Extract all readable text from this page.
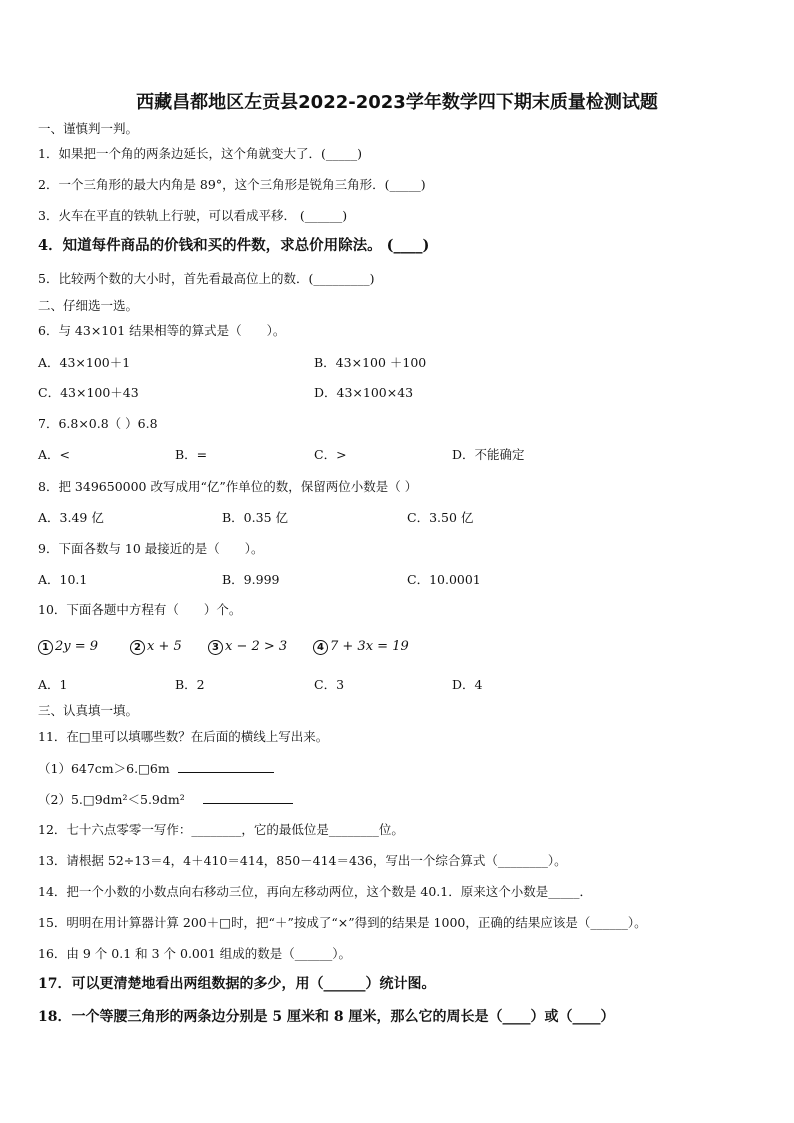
西藏昌都地区左贡县2022-2023学年数学四下期末质量检测试题
一、谨慎判一判。
1．如果把一个角的两条边延长，这个角就变大了．(_____)
2．一个三角形的最大内角是 89°，这个三角形是锐角三角形．(_____)
3．火车在平直的铁轨上行驶，可以看成平移． (______)
4．知道每件商品的价钱和买的件数，求总价用除法。 (____)
5．比较两个数的大小时，首先看最高位上的数．(_________)
二、仔细选一选。
6．与 43×101 结果相等的算式是（　　）。
A．43×100＋1	B．43×100 ＋100
C．43×100＋43	D．43×100×43
7．6.8×0.8（ ）6.8
A．<	B．=	C．>	D．不能确定
8．把 349650000 改写成用“亿”作单位的数，保留两位小数是（ ）
A．3.49 亿	B．0.35 亿	C．3.50 亿
9．下面各数与 10 最接近的是（　　）。
A．10.1	B．9.999	C．10.0001
10．下面各题中方程有（　　）个。
1 2y = 9	2 x + 5	3 x − 2 > 3	4 7 + 3x = 19
A．1	B．2	C．3	D．4
三、认真填一填。
11．在□里可以填哪些数？在后面的横线上写出来。
（1）647cm＞6.□6m
（2）5.□9dm²＜5.9dm²
12．七十六点零零一写作：________，它的最低位是________位。
13．请根据 52÷13＝4，4＋410＝414，850－414＝436，写出一个综合算式（________）。
14．把一个小数的小数点向右移动三位，再向左移动两位，这个数是 40.1．原来这个小数是_____．
15．明明在用计算器计算 200＋□时，把“＋”按成了“×”得到的结果是 1000，正确的结果应该是（______）。
16．由 9 个 0.1 和 3 个 0.001 组成的数是（______）。
17．可以更清楚地看出两组数据的多少，用（______）统计图。
18．一个等腰三角形的两条边分别是 5 厘米和 8 厘米，那么它的周长是（____）或（____）
